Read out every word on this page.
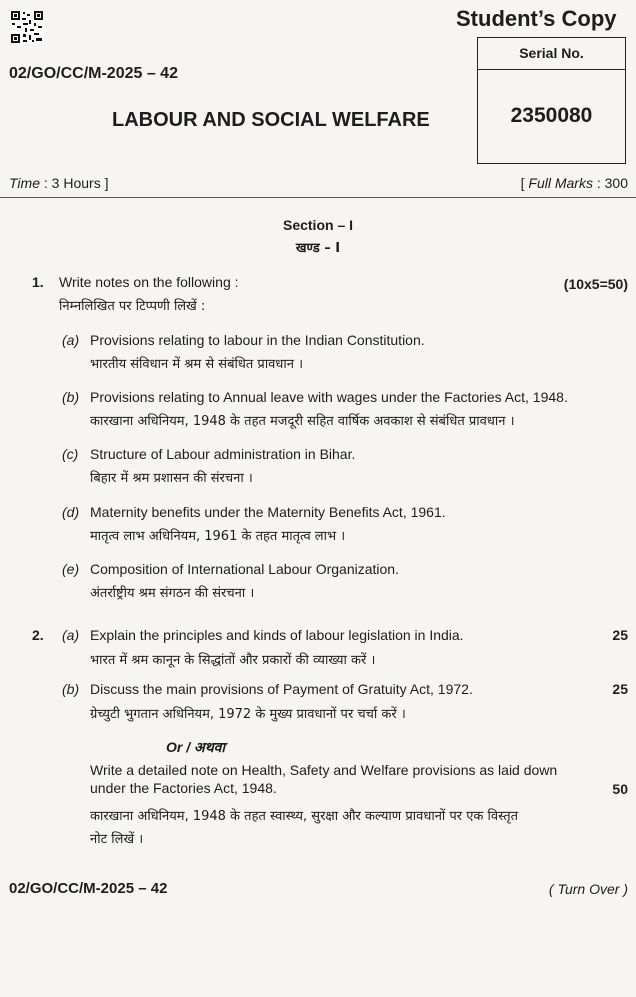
Student’s Copy
Serial No.
2350080
02/GO/CC/M-2025 – 42
LABOUR AND SOCIAL WELFARE
Time : 3 Hours ]	[ Full Marks : 300
Section – I
खण्ड – I
1. Write notes on the following :	(10x5=50)
निम्नलिखित पर टिप्पणी लिखें :
(a) Provisions relating to labour in the Indian Constitution.
भारतीय संविधान में श्रम से संबंधित प्रावधान ।
(b) Provisions relating to Annual leave with wages under the Factories Act, 1948.
कारखाना अधिनियम, 1948 के तहत मजदूरी सहित वार्षिक अवकाश से संबंधित प्रावधान ।
(c) Structure of Labour administration in Bihar.
बिहार में श्रम प्रशासन की संरचना ।
(d) Maternity benefits under the Maternity Benefits Act, 1961.
मातृत्व लाभ अधिनियम, 1961 के तहत मातृत्व लाभ ।
(e) Composition of International Labour Organization.
अंतर्राष्ट्रीय श्रम संगठन की संरचना ।
2. (a) Explain the principles and kinds of labour legislation in India.	25
भारत में श्रम कानून के सिद्धांतों और प्रकारों की व्याख्या करें ।
(b) Discuss the main provisions of Payment of Gratuity Act, 1972.	25
ग्रेच्युटी भुगतान अधिनियम, 1972 के मुख्य प्रावधानों पर चर्चा करें ।
Or / अथवा
Write a detailed note on Health, Safety and Welfare provisions as laid down
under the Factories Act, 1948.	50
कारखाना अधिनियम, 1948 के तहत स्वास्थ्य, सुरक्षा और कल्याण प्रावधानों पर एक विस्तृत
नोट लिखें ।
02/GO/CC/M-2025 – 42	( Turn Over )
